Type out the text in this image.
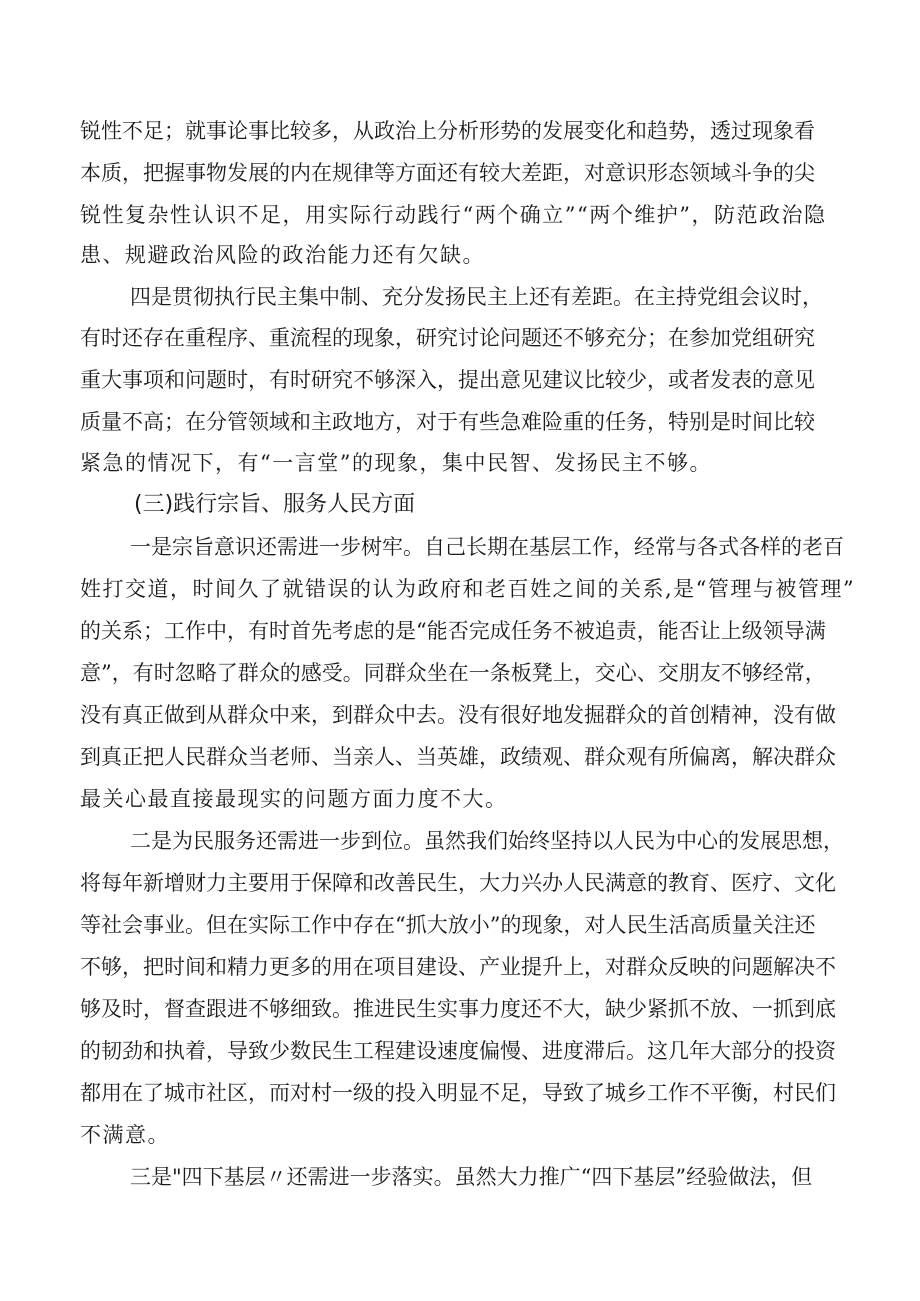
锐性不足；就事论事比较多，从政治上分析形势的发展变化和趋势，透过现象看
本质，把握事物发展的内在规律等方面还有较大差距，对意识形态领域斗争的尖
锐性复杂性认识不足，用实际行动践行“两个确立”“两个维护”，防范政治隐
患、规避政治风险的政治能力还有欠缺。
四是贯彻执行民主集中制、充分发扬民主上还有差距。在主持党组会议时，
有时还存在重程序、重流程的现象，研究讨论问题还不够充分；在参加党组研究
重大事项和问题时，有时研究不够深入，提出意见建议比较少，或者发表的意见
质量不高；在分管领域和主政地方，对于有些急难险重的任务，特别是时间比较
紧急的情况下，有“一言堂”的现象，集中民智、发扬民主不够。
(三)践行宗旨、服务人民方面
一是宗旨意识还需进一步树牢。自己长期在基层工作，经常与各式各样的老百
姓打交道，时间久了就错误的认为政府和老百姓之间的关系,是“管理与被管理”
的关系；工作中，有时首先考虑的是“能否完成任务不被追责，能否让上级领导满
意”，有时忽略了群众的感受。同群众坐在一条板凳上，交心、交朋友不够经常，
没有真正做到从群众中来，到群众中去。没有很好地发掘群众的首创精神，没有做
到真正把人民群众当老师、当亲人、当英雄，政绩观、群众观有所偏离，解决群众
最关心最直接最现实的问题方面力度不大。
二是为民服务还需进一步到位。虽然我们始终坚持以人民为中心的发展思想，
将每年新增财力主要用于保障和改善民生，大力兴办人民满意的教育、医疗、文化
等社会事业。但在实际工作中存在“抓大放小”的现象，对人民生活高质量关注还
不够，把时间和精力更多的用在项目建设、产业提升上，对群众反映的问题解决不
够及时，督查跟进不够细致。推进民生实事力度还不大，缺少紧抓不放、一抓到底
的韧劲和执着，导致少数民生工程建设速度偏慢、进度滞后。这几年大部分的投资
都用在了城市社区，而对村一级的投入明显不足，导致了城乡工作不平衡，村民们
不满意。
三是"四下基层〃还需进一步落实。虽然大力推广“四下基层”经验做法，但
